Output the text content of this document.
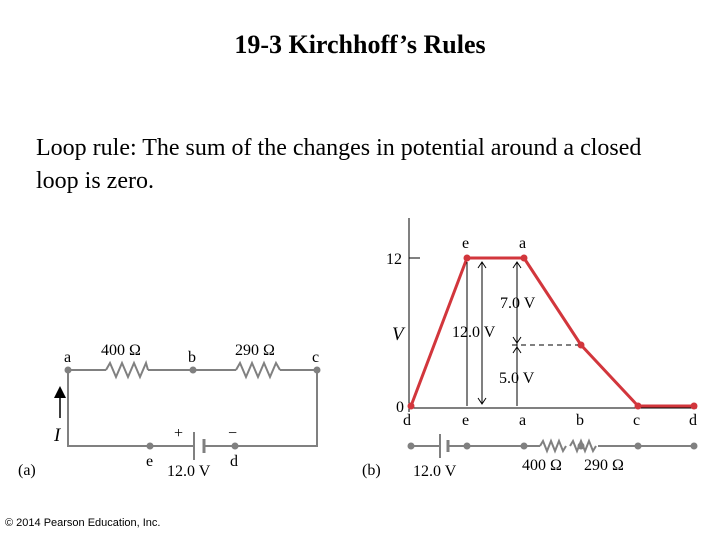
19-3 Kirchhoff’s Rules
Loop rule: The sum of the changes in potential around a closed loop is zero.
© 2014 Pearson Education, Inc.
a	b	c
e	d
400 Ω	290 Ω
+	−
12.0 V
I
(a)
12
0
V
e	a
12.0 V
7.0 V
5.0 V
d	e	a	b	c	d
12.0 V	400 Ω 290 Ω
(b)
